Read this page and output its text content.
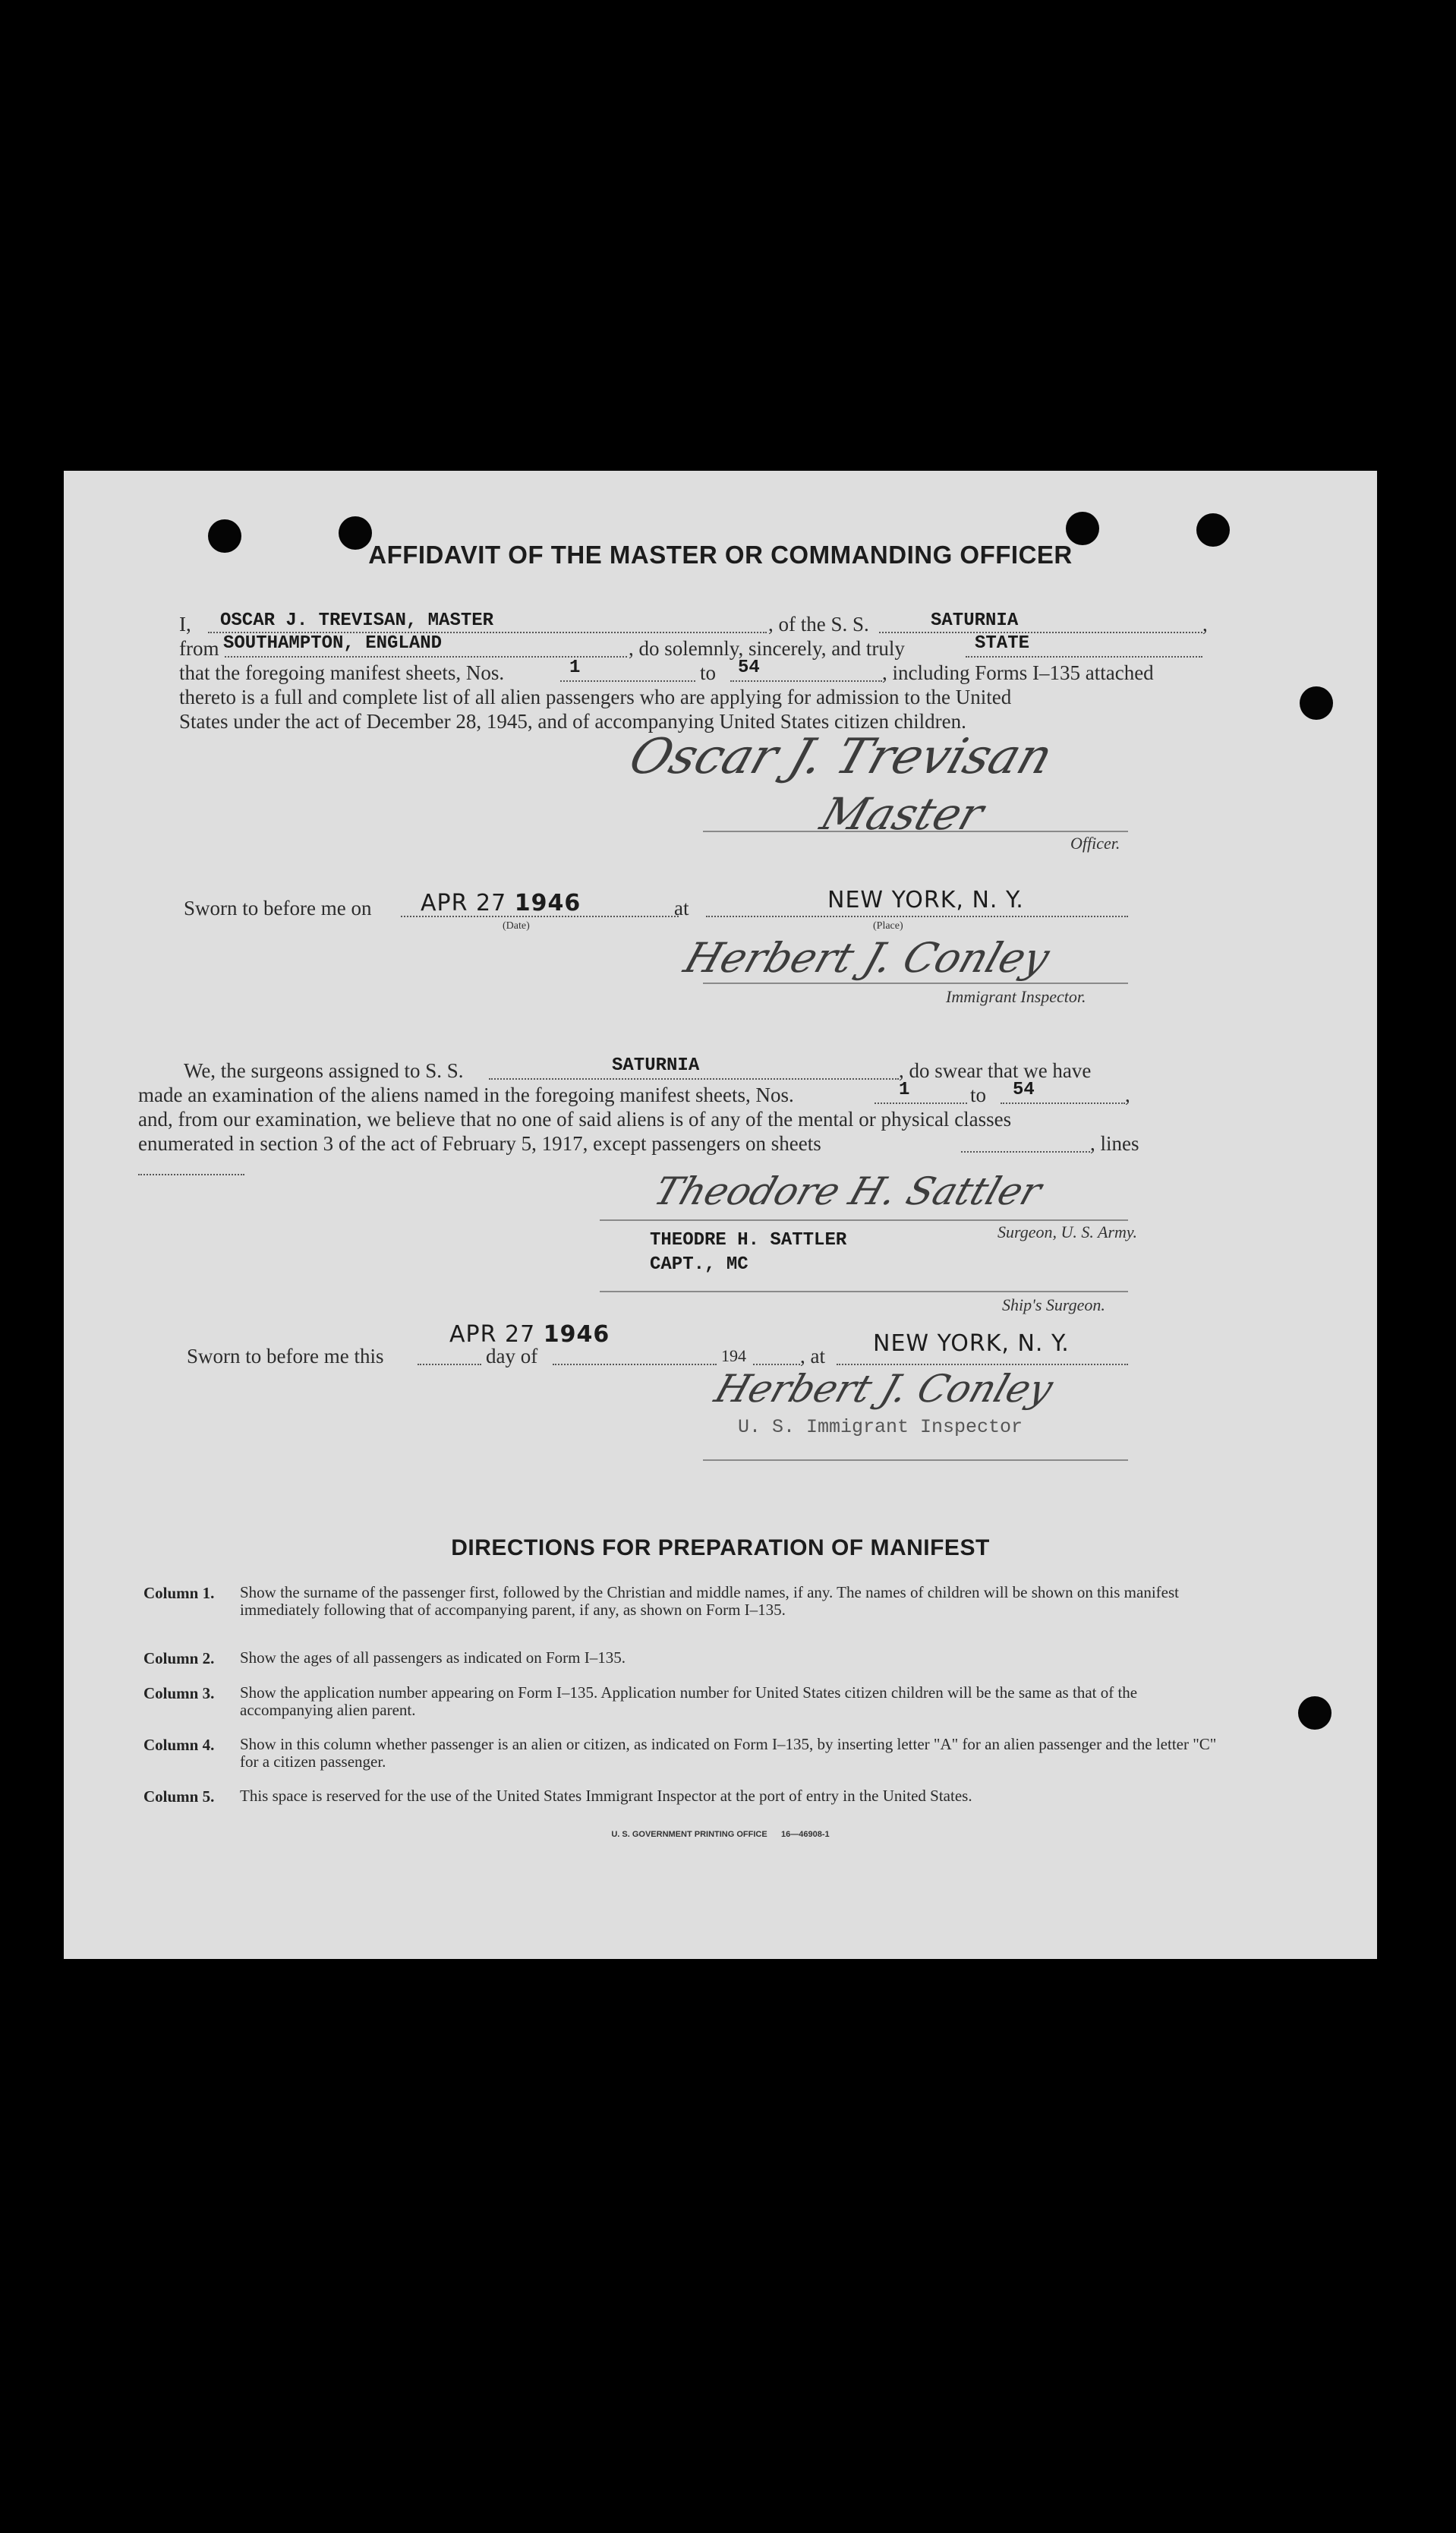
AFFIDAVIT OF THE MASTER OR COMMANDING OFFICER
I, OSCAR J. TREVISAN, MASTER	, of the S. S.	SATURNIA	,
from SOUTHAMPTON, ENGLAND	, do solemnly, sincerely, and truly	STATE
that the foregoing manifest sheets, Nos.	1	to 54	, including Forms I–135 attached
thereto is a full and complete list of all alien passengers who are applying for admission to the United
States under the act of December 28, 1945, and of accompanying United States citizen children.
Oscar J. Trevisan
Master
Officer.
Sworn to before me on APR 27 1946
(Date)
at	NEW YORK, N. Y.
(Place)
Herbert J. Conley
Immigrant Inspector.
We, the surgeons assigned to S. S.	SATURNIA	, do swear that we have
made an examination of the aliens named in the foregoing manifest sheets, Nos.	1	to 54	,
and, from our examination, we believe that no one of said aliens is of any of the mental or physical classes
enumerated in section 3 of the act of February 5, 1917, except passengers on sheets	, lines
Theodore H. Sattler
THEODRE H. SATTLER	Surgeon, U. S. Army.
CAPT., MC
Ship's Surgeon.
Sworn to before me this
APR 27 1946
day of	194	, at NEW YORK, N. Y.
Herbert J. Conley
U. S. Immigrant Inspector
DIRECTIONS FOR PREPARATION OF MANIFEST
Column 1. Show the surname of the passenger first, followed by the Christian and middle names, if any. The names of children will be shown on this manifest immediately following that of accompanying parent, if any, as shown on Form I–135.
Column 2. Show the ages of all passengers as indicated on Form I–135.
Column 3. Show the application number appearing on Form I–135. Application number for United States citizen children will be the same as that of the accompanying alien parent.
Column 4. Show in this column whether passenger is an alien or citizen, as indicated on Form I–135, by inserting letter "A" for an alien passenger and the letter "C" for a citizen passenger.
Column 5. This space is reserved for the use of the United States Immigrant Inspector at the port of entry in the United States.
U. S. GOVERNMENT PRINTING OFFICE      16—46908-1
